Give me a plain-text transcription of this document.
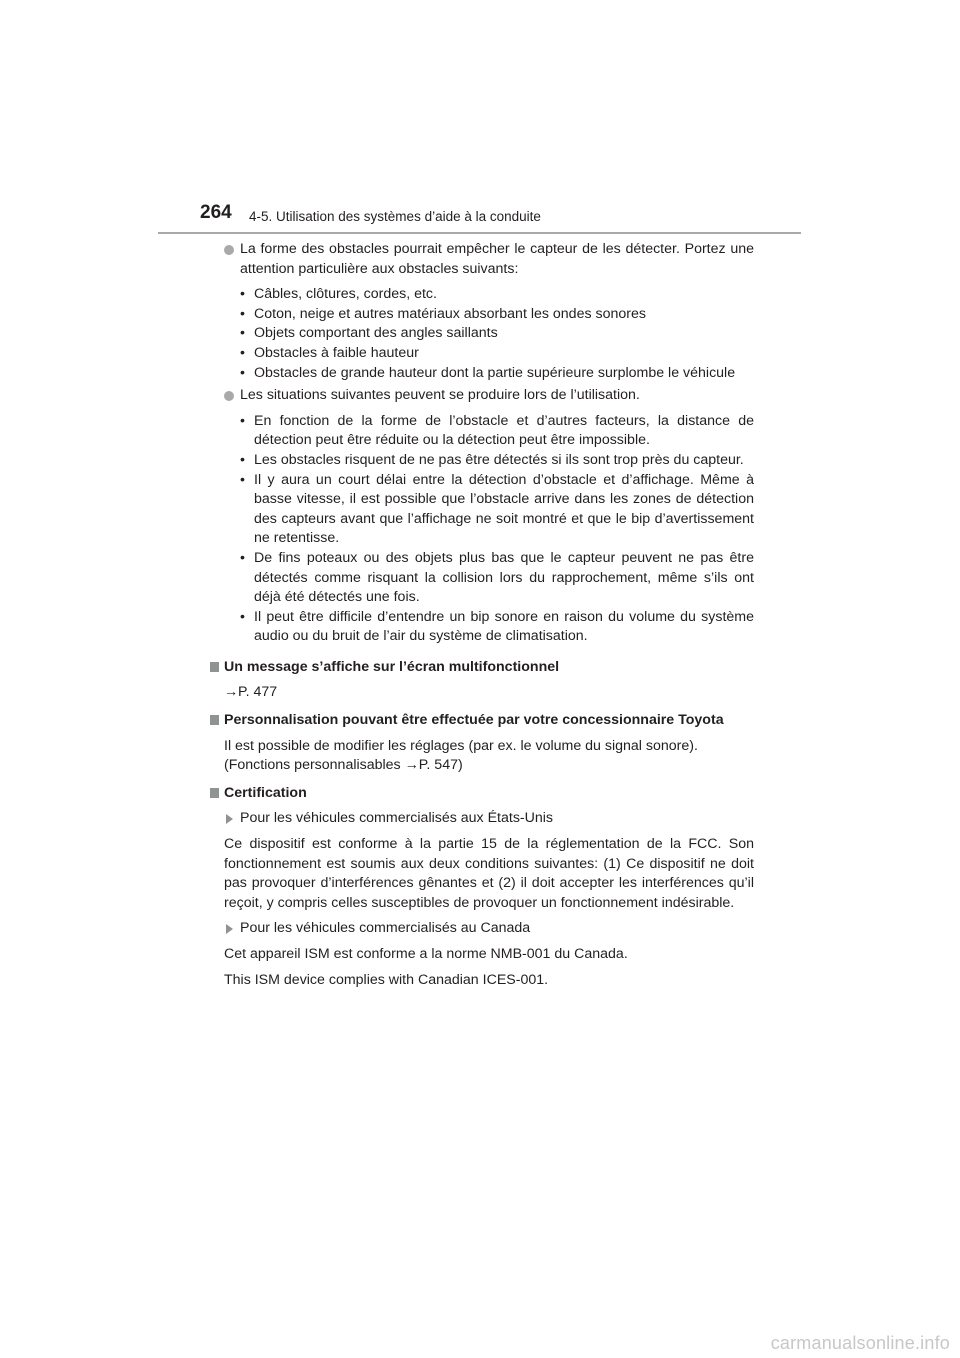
264 4-5. Utilisation des systèmes d’aide à la conduite
La forme des obstacles pourrait empêcher le capteur de les détecter. Portez une attention particulière aux obstacles suivants:
• Câbles, clôtures, cordes, etc.
• Coton, neige et autres matériaux absorbant les ondes sonores
• Objets comportant des angles saillants
• Obstacles à faible hauteur
• Obstacles de grande hauteur dont la partie supérieure surplombe le véhicule
Les situations suivantes peuvent se produire lors de l’utilisation.
• En fonction de la forme de l’obstacle et d’autres facteurs, la distance de détection peut être réduite ou la détection peut être impossible.
• Les obstacles risquent de ne pas être détectés si ils sont trop près du capteur.
• Il y aura un court délai entre la détection d’obstacle et d’affichage. Même à basse vitesse, il est possible que l’obstacle arrive dans les zones de détection des capteurs avant que l’affichage ne soit montré et que le bip d’avertissement ne retentisse.
• De fins poteaux ou des objets plus bas que le capteur peuvent ne pas être détectés comme risquant la collision lors du rapprochement, même s’ils ont déjà été détectés une fois.
• Il peut être difficile d’entendre un bip sonore en raison du volume du système audio ou du bruit de l’air du système de climatisation.
Un message s’affiche sur l’écran multifonctionnel
→P. 477
Personnalisation pouvant être effectuée par votre concessionnaire Toyota
Il est possible de modifier les réglages (par ex. le volume du signal sonore).
(Fonctions personnalisables →P. 547)
Certification
Pour les véhicules commercialisés aux États-Unis
Ce dispositif est conforme à la partie 15 de la réglementation de la FCC. Son fonctionnement est soumis aux deux conditions suivantes: (1) Ce dispositif ne doit pas provoquer d’interférences gênantes et (2) il doit accepter les interférences qu’il reçoit, y compris celles susceptibles de provoquer un fonctionnement indésirable.
Pour les véhicules commercialisés au Canada
Cet appareil ISM est conforme a la norme NMB-001 du Canada.
This ISM device complies with Canadian ICES-001.
carmanualsonline.info
